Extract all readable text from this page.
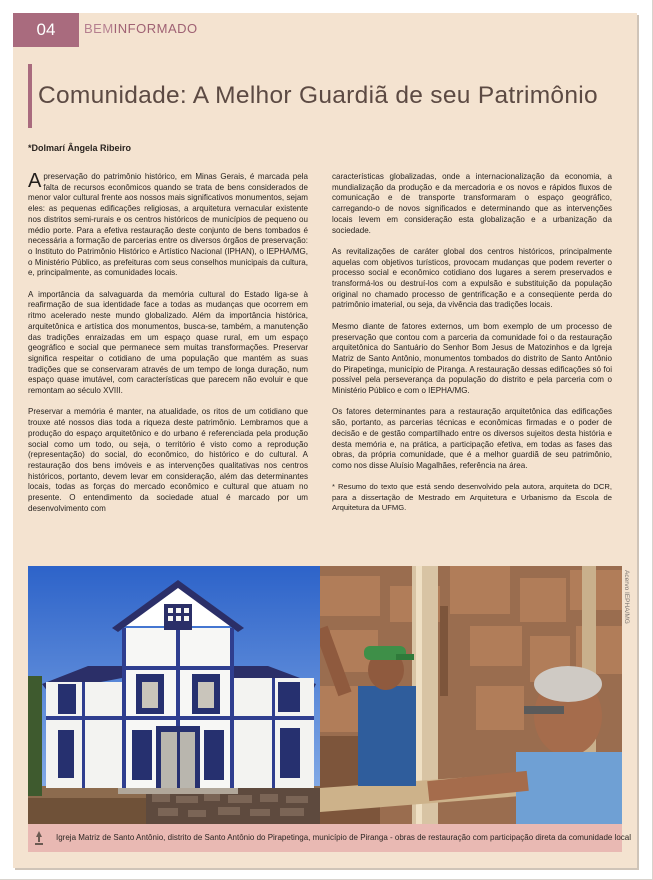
04	BEMINFORMADO
Comunidade: A Melhor Guardiã de seu Patrimônio
*Dolmarí Ângela Ribeiro

A preservação do patrimônio histórico, em Minas Gerais, é marcada pela falta de recursos econômicos quando se trata de bens considerados de menor valor cultural frente aos nossos mais significativos monumentos, sejam eles: as pequenas edificações religiosas, a arquitetura vernacular existente nos distritos semi-rurais e os centros históricos de municípios de pequeno ou médio porte. Para a efetiva restauração deste conjunto de bens tombados é necessária a formação de parcerias entre os diversos órgãos de preservação: o Instituto do Patrimônio Histórico e Artístico Nacional (IPHAN), o IEPHA/MG, o Ministério Público, as prefeituras com seus conselhos municipais da cultura, e, principalmente, as comunidades locais.

A importância da salvaguarda da memória cultural do Estado liga-se à reafirmação de sua identidade face a todas as mudanças que ocorrem em ritmo acelerado neste mundo globalizado. Além da importância histórica, arquitetônica e artística dos monumentos, busca-se, também, a manutenção das tradições enraizadas em um espaço quase rural, em um espaço geográfico e social que permanece sem muitas transformações. Preservar significa respeitar o cotidiano de uma população que mantém as suas tradições que se conservaram através de um tempo de longa duração, num espaço quase imutável, com características que parecem não evoluir e que remontam ao século XVIII.

Preservar a memória é manter, na atualidade, os ritos de um cotidiano que trouxe até nossos dias toda a riqueza deste patrimônio. Lembramos que a produção do espaço arquitetônico e do urbano é referenciada pela produção social como um todo, ou seja, o território é visto como a reprodução (representação) do social, do econômico, do histórico e do cultural. A restauração dos bens imóveis e as intervenções qualitativas nos centros históricos, portanto, devem levar em consideração, além das determinantes locais, todas as forças do mercado econômico e cultural que atuam no presente. O entendimento da sociedade atual é marcado por um desenvolvimento com

características globalizadas, onde a internacionalização da economia, a mundialização da produção e da mercadoria e os novos e rápidos fluxos de comunicação e de transporte transformaram o espaço geográfico, carregando-o de novos significados e determinando que as intervenções locais levem em consideração esta globalização e a urbanização da sociedade.

As revitalizações de caráter global dos centros históricos, principalmente aquelas com objetivos turísticos, provocam mudanças que podem reverter o processo social e econômico cotidiano dos lugares a serem preservados e transformá-los ou destruí-los com a expulsão e substituição da população original no chamado processo de gentrificação e a conseqüente perda do patrimônio imaterial, ou seja, da vivência das tradições locais.

Mesmo diante de fatores externos, um bom exemplo de um processo de preservação que contou com a parceria da comunidade foi o da restauração arquitetônica do Santuário do Senhor Bom Jesus de Matozinhos e da Igreja Matriz de Santo Antônio, monumentos tombados do distrito de Santo Antônio do Pirapetinga, município de Piranga. A restauração dessas edificações só foi possível pela perseverança da população do distrito e pela parceria com o Ministério Público e com o IEPHA/MG.

Os fatores determinantes para a restauração arquitetônica das edificações são, portanto, as parcerias técnicas e econômicas firmadas e o poder de decisão e de gestão compartilhado entre os diversos sujeitos desta história e desta memória e, na prática, a participação efetiva, em todas as fases das obras, da própria comunidade, que é a melhor guardiã de seu patrimônio, como nos disse Aluísio Magalhães, referência na área.

* Resumo do texto que está sendo desenvolvido pela autora, arquiteta do DCR, para a dissertação de Mestrado em Arquitetura e Urbanismo da Escola de Arquitetura da UFMG.

Acervo IEPHA/MG
Igreja Matriz de Santo Antônio, distrito de Santo Antônio do Pirapetinga, município de Piranga - obras de restauração com participação direta da comunidade local
